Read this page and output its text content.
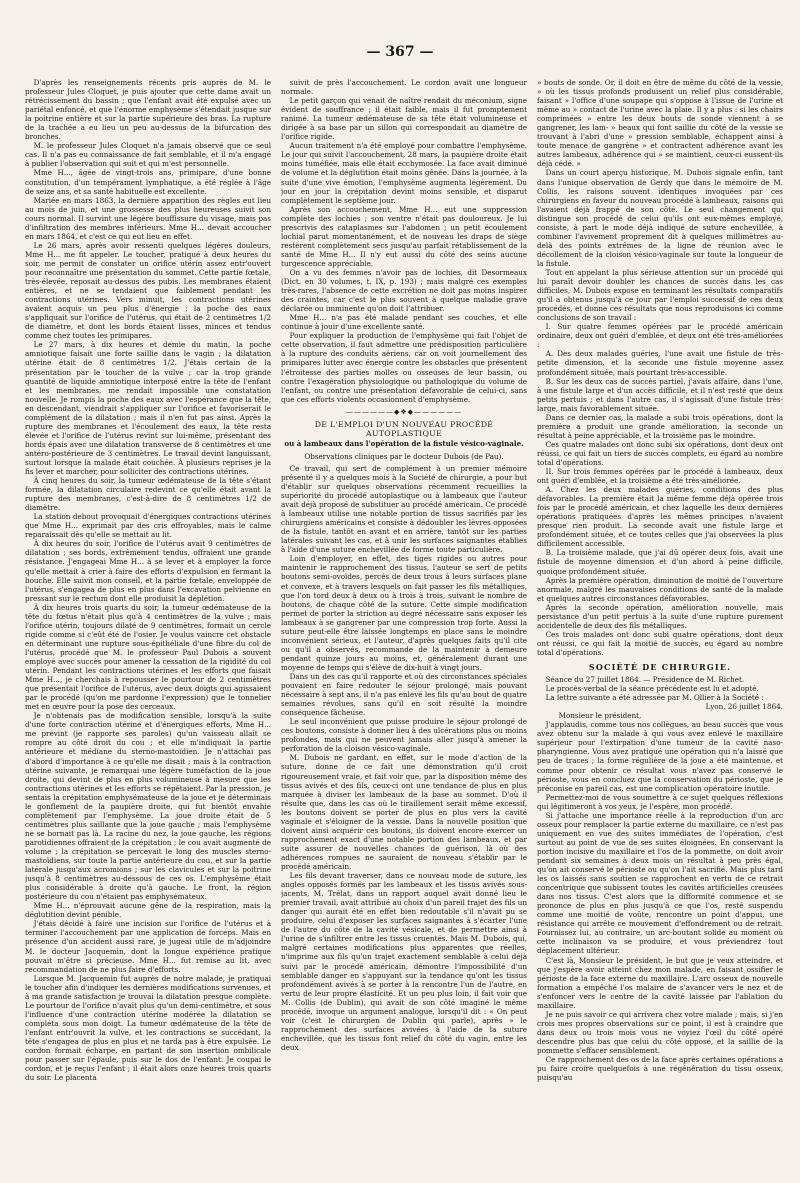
— 367 —

D'après les renseignements récents pris auprès de M. le professeur Jules Cloquet, je puis ajouter que cette dame avait un rétrécissement du bassin ; que l'enfant avait été expulsé avec un pariétal enfoncé, et que l'énorme emphysème s'étendait jusque sur la poitrine entière et sur la partie supérieure des bras. La rupture de la trachée a eu lieu un peu au-dessus de la bifurcation des bronches.

M. le professeur Jules Cloquet n'a jamais observé que ce seul cas. Il n'a pas eu connaissance de fait semblable, et il m'a engagé à publier l'observation qui suit et qui m'est personnelle.

Mme H..., âgée de vingt-trois ans, primipare, d'une bonne constitution, d'un tempérament lymphatique, a été réglée à l'âge de seize ans, et sa santé habituelle est excellente.

Mariée en mars 1863, la dernière apparition des règles eut lieu au mois de juin, et une grossesse des plus heureuses suivit son cours normal. Il survint une légère bouffissure du visage, mais pas d'infiltration des membres inférieurs. Mme H... devait accoucher en mars 1864, et c'est ce qui eut lieu en effet.

Le 26 mars, après avoir ressenti quelques légères douleurs, Mme H... me fit appeler. Le toucher, pratiqué à deux heures du soir, me permit de constater un orifice utérin assez entr'ouvert pour reconnaître une présentation du sommet. Cette partie fœtale, très-élevée, reposait au-dessus des pubis. Les membranes étaient entières, et ne se tendaient que faiblement pendant les contractions utérines. Vers minuit, les contractions utérines avaient acquis un peu plus d'énergie ; la poche des eaux s'appliquait sur l'orifice de l'utérus, qui était de 2 centimètres 1/2 de diamètre, et dont les bords étaient lisses, minces et tendus comme chez toutes les primipares.

Le 27 mars, à dix heures et demie du matin, la poche amniotique faisait une forte saillie dans le vagin ; la dilatation utérine était de 8 centimètres 1/2. J'étais certain de la présentation par le toucher de la vulve ; car la trop grande quantité de liquide amniotique interposé entre la tête de l'enfant et les membranes, me rendait impossible une constatation nouvelle. Je rompis la poche des eaux avec l'espérance que la tête, en descendant, viendrait s'appliquer sur l'orifice et favoriserait le complément de la dilatation ; mais il n'en fut pas ainsi. Après la rupture des membranes et l'écoulement des eaux, la tête resta élevée et l'orifice de l'utérus revint sur lui-même, présentant des bords épais avec une dilatation transverse de 8 centimètres et une antéro-postérieure de 3 centimètres. Le travail devint languissant, surtout lorsque la malade était couchée. À plusieurs reprises je la fis lever et marcher, pour solliciter des contractions utérines.

À cinq heures du soir, la tumeur œdémateuse de la tête s'étant formée, la dilatation circulaire redevint ce qu'elle était avant la rupture des membranes, c'est-à-dire de 8 centimètres 1/2 de diamètre.

La station debout provoquait d'énergiques contractions utérines que Mme H... exprimait par des cris effroyables, mais le calme reparaissait dès qu'elle se mettait au lit.

À dix heures du soir, l'orifice de l'utérus avait 9 centimètres de dilatation ; ses bords, extrêmement tendus, offraient une grande résistance. J'engageai Mme H... à se lever et à employer la force qu'elle mettait à crier à faire des efforts d'expulsion en fermant la bouche. Elle suivit mon conseil, et la partie fœtale, enveloppée de l'utérus, s'engagea de plus en plus dans l'excavation pelvienne en pressant sur le rectum dont elle produisit la déplétion.

À dix heures trois quarts du soir, la tumeur œdémateuse de la tête du fœtus n'était plus qu'à 4 centimètres de la vulve ; mais l'orifice utérin, toujours dilaté de 9 centimètres, formait un cercle rigide comme si c'eût été de l'osier. Je voulus vaincre cet obstacle en déterminant une rupture sous-épithéliale d'une fibre du col de l'utérus, procédé que M. le professeur Paul Dubois a souvent employé avec succès pour amener la cessation de la rigidité du col utérin. Pendant les contractions utérines et les efforts que faisait Mme H..., je cherchais à repousser le pourtour de 2 centimètres que présentait l'orifice de l'utérus, avec deux doigts qui agissaient par le procédé (qu'on me pardonne l'expression) que le tonnelier met en œuvre pour la pose des cerceaux.

Je n'obtenais pas de modification sensible, lorsqu'à la suite d'une forte contraction utérine et d'énergiques efforts, Mme H... me prévint (je rapporte ses paroles) qu'un vaisseau allait se rompre au côté droit du cou ; et elle m'indiquait la partie antérieure et médiane du sterno-mastoïdien. Je n'attachai pas d'abord d'importance à ce qu'elle me disait ; mais à la contraction utérine suivante, je remarquai une légère tuméfaction de la joue droite, qui devint de plus en plus volumineuse à mesure que les contractions utérines et les efforts se répétaient. Par la pression, je sentais la crépitation emphysémateuse de la joue et je déterminais le gonflement de la paupière droite, qui fut bientôt envahie complètement par l'emphysème. La joue droite était de 5 centimètres plus saillante que la joue gauche ; mais l'emphysème ne se bornait pas là. La racine du nez, la joue gauche, les régions parotidiennes offraient de la crépitation ; le cou avait augmenté de volume ; la crépitation se percevait le long des muscles sterno-mastoïdiens, sur toute la partie antérieure du cou, et sur la partie latérale jusqu'aux acromions ; sur les clavicules et sur la poitrine jusqu'à 8 centimètres au-dessous de ces os. L'emphysème était plus considérable à droite qu'à gauche. Le front, la région postérieure du cou n'étaient pas emphysémateux.

Mme H... n'éprouvait aucune gêne de la respiration, mais la déglutition devint pénible.

J'étais décidé à faire une incision sur l'orifice de l'utérus et à terminer l'accouchement par une application de forceps. Mais en présence d'un accident aussi rare, je jugeai utile de m'adjoindre M. le docteur Jacquemin, dont la longue expérience pratique pouvait m'être si précieuse. Mme H... fut remise au lit, avec recommandation de ne plus faire d'efforts.

Lorsque M. Jacquemin fut auprès de notre malade, je pratiquai le toucher afin d'indiquer les dernières modifications survenues, et à ma grande satisfaction je trouvai la dilatation presque complète. Le pourtour de l'orifice n'avait plus qu'un demi-centimètre, et sous l'influence d'une contraction utérine modérée la dilatation se compléta sous mon doigt. La tumeur œdémateuse de la tête de l'enfant entr'ouvrit la vulve, et les contractions se succédant, la tête s'engagea de plus en plus et ne tarda pas à être expulsée. Le cordon formait écharpe, en partant de son insertion ombilicale pour passer sur l'épaule, puis sur le dos de l'enfant. Je coupai le cordon, et je reçus l'enfant ; il était alors onze heures trois quarts du soir. Le placenta

suivit de près l'accouchement. Le cordon avait une longueur normale.

Le petit garçon qui venait de naître rendait du méconium, signe évident de souffrance ; il était faible, mais il fut promptement ranimé. La tumeur œdémateuse de sa tête était volumineuse et dirigée à sa base par un sillon qui correspondait au diamètre de l'orifice rigide.

Aucun traitement n'a été employé pour combattre l'emphysème. Le jour qui suivit l'accouchement, 28 mars, la paupière droite était moins tuméfiée, mais elle était ecchymosée. La face avait diminué de volume et la déglutition était moins gênée. Dans la journée, à la suite d'une vive émotion, l'emphysème augmenta légèrement. Du jour en jour la crépitation devint moins sensible, et disparut complètement le septième jour.

Après son accouchement, Mme H... eut une suppression complète des lochies ; son ventre n'était pas douloureux. Je lui prescrivis des cataplasmes sur l'abdomen ; un petit écoulement lochial parut momentanément, et de nouveau les draps de siège restèrent complètement secs jusqu'au parfait rétablissement de la santé de Mme H... Il n'y eut aussi du côté des seins aucune turgescence appréciable.

On a vu des femmes n'avoir pas de lochies, dit Desormeaux (Dict. en 30 volumes, t. IX, p. 193) ; mais malgré ces exemples très-rares, l'absence de cette excrétion ne doit pas moins inspirer des craintes, car c'est le plus souvent à quelque maladie grave déclarée ou imminente qu'on doit l'attribuer.

Mme H... n'a pas été malade pendant ses couches, et elle continue à jouir d'une excellente santé.

Pour expliquer la production de l'emphysème qui fait l'objet de cette observation, il faut admettre une prédisposition particulière à la rupture des conduits aériens, car on voit journellement des primipares lutter avec énergie contre les obstacles que présentent l'étroitesse des parties molles ou osseuses de leur bassin, ou contre l'exagération physiologique ou pathologique du volume de l'enfant, ou contre une présentation défavorable de celui-ci, sans que ces efforts violents occasionnent d'emphysème.

——————◆❖◆——————
DE L'EMPLOI D'UN NOUVEAU PROCÉDÉ AUTOPLASTIQUE
ou à lambeaux dans l'opération de la fistule vésico-vaginale.
Observations cliniques par le docteur Dubois (de Pau).

Ce travail, qui sert de complément à un premier mémoire présenté il y a quelques mois à la Société de chirurgie, a pour but d'établir sur quelques observations récemment recueillies la supériorité du procédé autoplastique ou à lambeaux que l'auteur avait déjà proposé de substituer au procédé américain. Ce procédé à lambeaux utilise une notable portion de tissus sacrifiés par les chirurgiens américains et consiste à dédoubler les lèvres opposées de la fistule, tantôt en avant et en arrière, tantôt sur les parties latérales suivant les cas, et à unir les surfaces saignantes établies à l'aide d'une suture enchevillée de forme toute particulière.

Loin d'employer, en effet, des tiges rigides ou autres pour maintenir le rapprochement des tissus, l'auteur se sert de petits boutons semi-ovoïdes, percés de deux trous à leurs surfaces plane et convexe, et à travers lesquels on fait passer les fils métalliques, que l'on tord deux à deux ou à trois à trois, suivant le nombre de boutons, de chaque côté de la suture. Cette simple modification permet de porter la striction au degré nécessaire sans exposer les lambeaux à se gangrener par une compression trop forte. Aussi la suture peut-elle être laissée longtemps en place sans le moindre inconvénient sérieux, et l'auteur, d'après quelques faits qu'il cite ou qu'il a observés, recommande de la maintenir à demeure pendant quinze jours au moins, et, généralement durant une moyenne de temps qui s'élève de dix-huit à vingt jours.

Dans un des cas qu'il rapporte et où des circonstances spéciales pouvaient en faire redouter le séjour prolongé, mais pouvant nécessaire à sept ans, il n'a pas enlevé les fils qu'au bout de quatre semaines révolues, sans qu'il en soit résulté la moindre conséquence fâcheuse.

Le seul inconvénient que puisse produire le séjour prolongé de ces boutons, consiste à donner lieu à des ulcérations plus ou moins profondes, mais qui ne peuvent jamais aller jusqu'à amener la perforation de la cloison vésico-vaginale.

M. Dubois ne gardant, en effet, sur le mode d'action de la suture, donne de ce fait une démonstration qu'il croit rigoureusement vraie, et fait voir que, par la disposition même des tissus avivés et des fils, ceux-ci ont une tendance de plus en plus marquée à diviser les lambeaux de la base au sommet. D'où il résulte que, dans les cas où le tiraillement serait même excessif, les boutons doivent se porter de plus en plus vers la cavité vaginale et s'éloigner de la vessie. Dans la nouvelle position que doivent ainsi acquérir ces boutons, ils doivent encore exercer un rapprochement exact d'une notable portion des lambeaux, et par suite assurer de nouvelles chances de guérison, là où des adhérences rompues ne sauraient de nouveau s'établir par le procédé américain.

Les fils devant traverser, dans ce nouveau mode de suture, les angles opposés formés par les lambeaux et les tissus avivés sous-jacents, M. Trélat, dans un rapport auquel avait donné lieu le premier travail, avait attribué au choix d'un pareil trajet des fils un danger qui aurait été en effet bien redoutable s'il n'avait pu se produire, celui d'exposer les surfaces saignantes à s'écarter l'une de l'autre du côté de la cavité vésicale, et de permettre ainsi à l'urine de s'infiltrer entre les tissus cruentés. Mais M. Dubois, qui, malgré certaines modifications plus apparentes que réelles, n'imprime aux fils qu'un trajet exactement semblable à celui déjà suivi par le procédé américain, démontre l'impossibilité d'un semblable danger en s'appuyant sur la tendance qu'ont les tissus profondément avivés à se porter à la rencontre l'un de l'autre, en vertu de leur propre élasticité. Et un peu plus loin, il fait voir que M. Collis (de Dublin), qui avait de son côté imaginé le même procédé, invoque un argument analogue, lorsqu'il dit : « On peut voir (c'est le chirurgien de Dublin qui parle), après » le rapprochement des surfaces avivées à l'aide de la suture enchevillée, que les tissus font relief du côté du vagin, entre les deux

» bouts de sonde. Or, il doit en être de même du côté de la vessie, » où les tissus profonds produisent un relief plus considérable, faisant » l'office d'une soupape qui s'oppose à l'issue de l'urine et même au » contact de l'urine avec la plaie. Il y a plus : si les chairs comprimées » entre les deux bouts de sonde viennent à se gangrener, les lam- » beaux qui font saillie du côté de la vessie se trouvant à l'abri d'une » pression semblable, échappent ainsi à toute menace de gangrène » et contractent adhérence avant les autres lambeaux, adhérence qui » se maintient, ceux-ci eussent-ils déjà cédé. »

Dans un court aperçu historique, M. Dubois signale enfin, tant dans l'unique observation de Gerdy que dans le mémoire de M. Collis, les raisons souvent identiques invoquées par ces chirurgiens en faveur du nouveau procédé à lambeaux, raisons qui l'avaient déjà frappé de son côté. Le seul changement qui distingue son procédé de celui qu'ils ont eux-mêmes employé, consiste, à part le mode déjà indiqué de suture enchevillée, à combiner l'avivement proprement dit à quelques millimètres au-delà des points extrêmes de la ligne de réunion avec le décollement de la cloison vésico-vaginale sur toute la longueur de la fistule.

Tout en appelant la plus sérieuse attention sur un procédé qui lui paraît devoir doubler les chances de succès dans les cas difficiles, M. Dubois expose en terminant les résultats comparatifs qu'il a obtenus jusqu'à ce jour par l'emploi successif de ces deux procédés, et donne ces résultats que nous reproduisons ici comme conclusions de son travail :

I. Sur quatre femmes opérées par le procédé américain ordinaire, deux ont guéri d'emblée, et deux ont été très-améliorées :

A. Des deux malades guéries, l'une avait une fistule de très-petite dimension, et la seconde une fistule moyenne assez profondément située, mais pourtant très-accessible.

B. Sur les deux cas de succès partiel, j'avais affaire, dans l'une, à une fistule large et d'un accès difficile, et il n'est resté que deux petits pertuis ; et dans l'autre cas, il s'agissait d'une fistule très-large, mais favorablement située.

Dans ce dernier cas, la malade a subi trois opérations, dont la première a produit une grande amélioration, la seconde un résultat à peine appréciable, et la troisième pas le moindre.

Ces quatre malades ont donc subi six opérations, dont deux ont réussi, ce qui fait un tiers de succès complets, eu égard au nombre total d'opérations.

II. Sur trois femmes opérées par le procédé à lambeaux, deux ont guéri d'emblée, et la troisième a été très-améliorée.

A. Chez les deux malades guéries, conditions des plus défavorables. La première était la même femme déjà opérée trois fois par le procédé américain, et chez laquelle les deux dernières opérations pratiquées d'après les mêmes principes n'avaient presque rien produit. La seconde avait une fistule large et profondément située, et ce toutes celles que j'ai observées la plus difficilement accessible.

B. La troisième malade, que j'ai dû opérer deux fois, avait une fistule de moyenne dimension et d'un abord à peine difficile, quoique profondément située.

Après la première opération, diminution de moitié de l'ouverture anormale, malgré les mauvaises conditions de santé de la malade et quelques autres circonstances défavorables.

Après la seconde opération, amélioration nouvelle, mais persistance d'un petit pertuis à la suite d'une rupture purement accidentelle de deux des fils métalliques.

Ces trois malades ont donc subi quatre opérations, dont deux ont réussi, ce qui fait la moitié de succès, eu égard au nombre total d'opérations.

SOCIÉTÉ DE CHIRURGIE.

Séance du 27 juillet 1864. — Présidence de M. Richet.

Le procès-verbal de la séance précédente est lu et adopté.

La lettre suivante a été adressée par M. Ollier à la Société :

Lyon, 26 juillet 1864.

Monsieur le président,

J'applaudis, comme tous nos collègues, au beau succès que vous avez obtenu sur la malade à qui vous avez enlevé le maxillaire supérieur pour l'extirpation d'une tumeur de la cavité naso-pharyngienne. Vous avez pratiqué une opération qui n'a laissé que peu de traces ; la forme régulière de la joue a été maintenue, et comme pour obtenir ce résultat vous n'avez pas conservé le périoste, vous en concluez que la conservation du périoste, que je préconise en pareil cas, est une complication opératoire inutile.

Permettez-moi de vous soumettre à ce sujet quelques réflexions qui légitimeront à vos yeux, je l'espère, mon procédé.

Si j'attache une importance réelle à la reproduction d'un arc osseux pour remplacer la partie externe du maxillaire, ce n'est pas uniquement en vue des suites immédiates de l'opération, c'est surtout au point de vue de ses suites éloignées. En conservant la portion incisive du maxillaire et l'os de la pommette, on doit avoir pendant six semaines à deux mois un résultat à peu près égal, qu'on ait conservé le périoste ou qu'on l'ait sacrifié. Mais plus tard les os laissés sans soutien se rapprochent en vertu de ce retrait concentrique que subissent toutes les cavités artificielles creusées dans nos tissus. C'est alors que la difformité commence et se prononce de plus en plus jusqu'à ce que l'os, resté suspendu comme une moitié de voûte, rencontre un point d'appui, une résistance qui arrête ce mouvement d'effondrement ou de retrait. Fournissez lui, au contraire, un arc-boutant solide au moment où cette inclinaison va se produire, et vous préviendrez tout déplacement ultérieur.

C'est là, Monsieur le président, le but que je veux atteindre, et que j'espère avoir atteint chez mon malade, en faisant ossifier le périoste de la face externe du maxillaire. L'arc osseux de nouvelle formation a empêché l'os malaire de s'avancer vers le nez et de s'enfoncer vers le centre de la cavité laissée par l'ablation du maxillaire.

Je ne puis savoir ce qui arrivera chez votre malade ; mais, si j'en crois mes propres observations sur ce point, il est à craindre que dans deux ou trois mois vous ne voyiez l'œil du côté opéré descendre plus bas que celui du côté opposé, et la saillie de la pommette s'effacer sensiblement.

Ce rapprochement des os de la face après certaines opérations a pu faire croire quelquefois à une régénération du tissu osseux, puisqu'au
